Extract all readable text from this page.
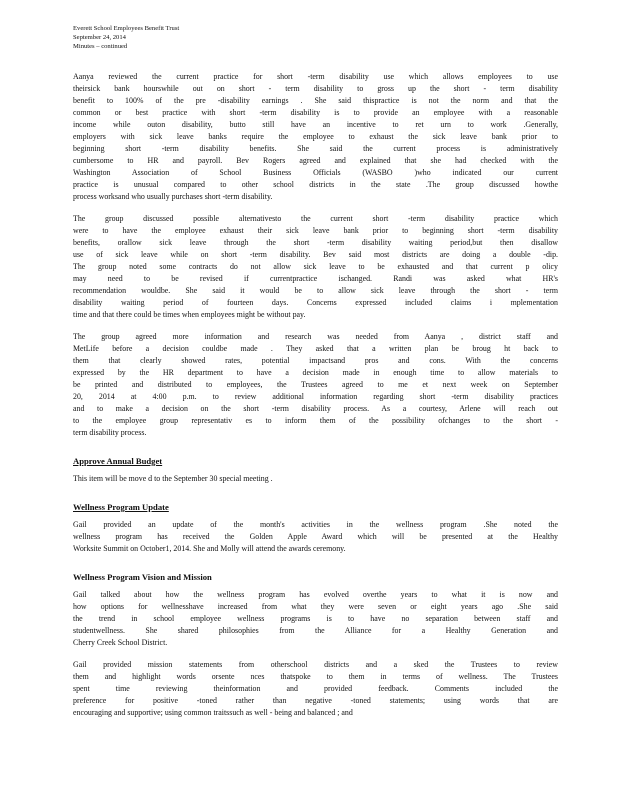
Everett School Employees Benefit Trust
September 24, 2014
Minutes – continued
Aanya reviewed the current practice for short -term disability use which allows employees to use
theirsick bank hourswhile out on short - term disability to gross up the short - term disability
benefit to 100% of the pre -disability earnings . She said thispractice is not the norm and that the
common or best practice with short -term disability is to provide an employee with a reasonable
income while outon disability, butto still have an incentive to ret urn to work .Generally,
employers with sick leave banks require the employee to exhaust the sick leave bank prior to
beginning short -term disability benefits. She said the current process is administratively
cumbersome to HR and payroll. Bev Rogers agreed and explained that she had checked with the
Washington Association of School Business Officials (WASBO )who indicated our current
practice is unusual compared to other school districts in the state .The group discussed howthe
process worksand who usually purchases short -term disability.
The group discussed possible alternativesto the current short -term disability practice which
were to have the employee exhaust their sick leave bank prior to beginning short -term disability
benefits, orallow sick leave through the short -term disability waiting period,but then disallow
use of sick leave while on short -term disability. Bev said most districts are doing a double -dip.
The group noted some contracts do not allow sick leave to be exhausted and that current p olicy
may need to be revised if currentpractice ischanged. Randi was asked what HR's
recommendation wouldbe. She said it would be to allow sick leave through the short - term
disability waiting period of fourteen days. Concerns expressed included claims i mplementation
time and that there could be times when employees might be without pay.
The group agreed more information and research was needed from Aanya , district staff and
MetLife before a decision couldbe made . They asked that a written plan be broug ht back to
them that clearly showed rates, potential impactsand pros and cons. With the concerns
expressed by the HR department to have a decision made in enough time to allow materials to
be printed and distributed to employees, the Trustees agreed to me et next week on September
20, 2014 at 4:00 p.m. to review additional information regarding short -term disability practices
and to make a decision on the short -term disability process. As a courtesy, Arlene will reach out
to the employee group representativ es to inform them of the possibility ofchanges to the short -
term disability process.
Approve Annual Budget
This item will be move d to the September 30 special meeting .
Wellness Program Update
Gail provided an update of the month's activities in the wellness program .She noted the
wellness program has received the Golden Apple Award which will be presented at the Healthy
Worksite Summit on October1, 2014. She and Molly will attend the awards ceremony.
Wellness Program Vision and Mission
Gail talked about how the wellness program has evolved overthe years to what it is now and
how options for wellnesshave increased from what they were seven or eight years ago .She said
the trend in school employee wellness programs is to have no separation between staff and
studentwellness. She shared philosophies from the Alliance for a Healthy Generation and
Cherry Creek School District.
Gail provided mission statements from otherschool districts and a sked the Trustees to review
them and highlight words orsente nces thatspoke to them in terms of wellness. The Trustees
spent time reviewing theinformation and provided feedback. Comments included the
preference for positive -toned rather than negative -toned statements; using words that are
encouraging and supportive; using common traitssuch as well - being and balanced ; and
